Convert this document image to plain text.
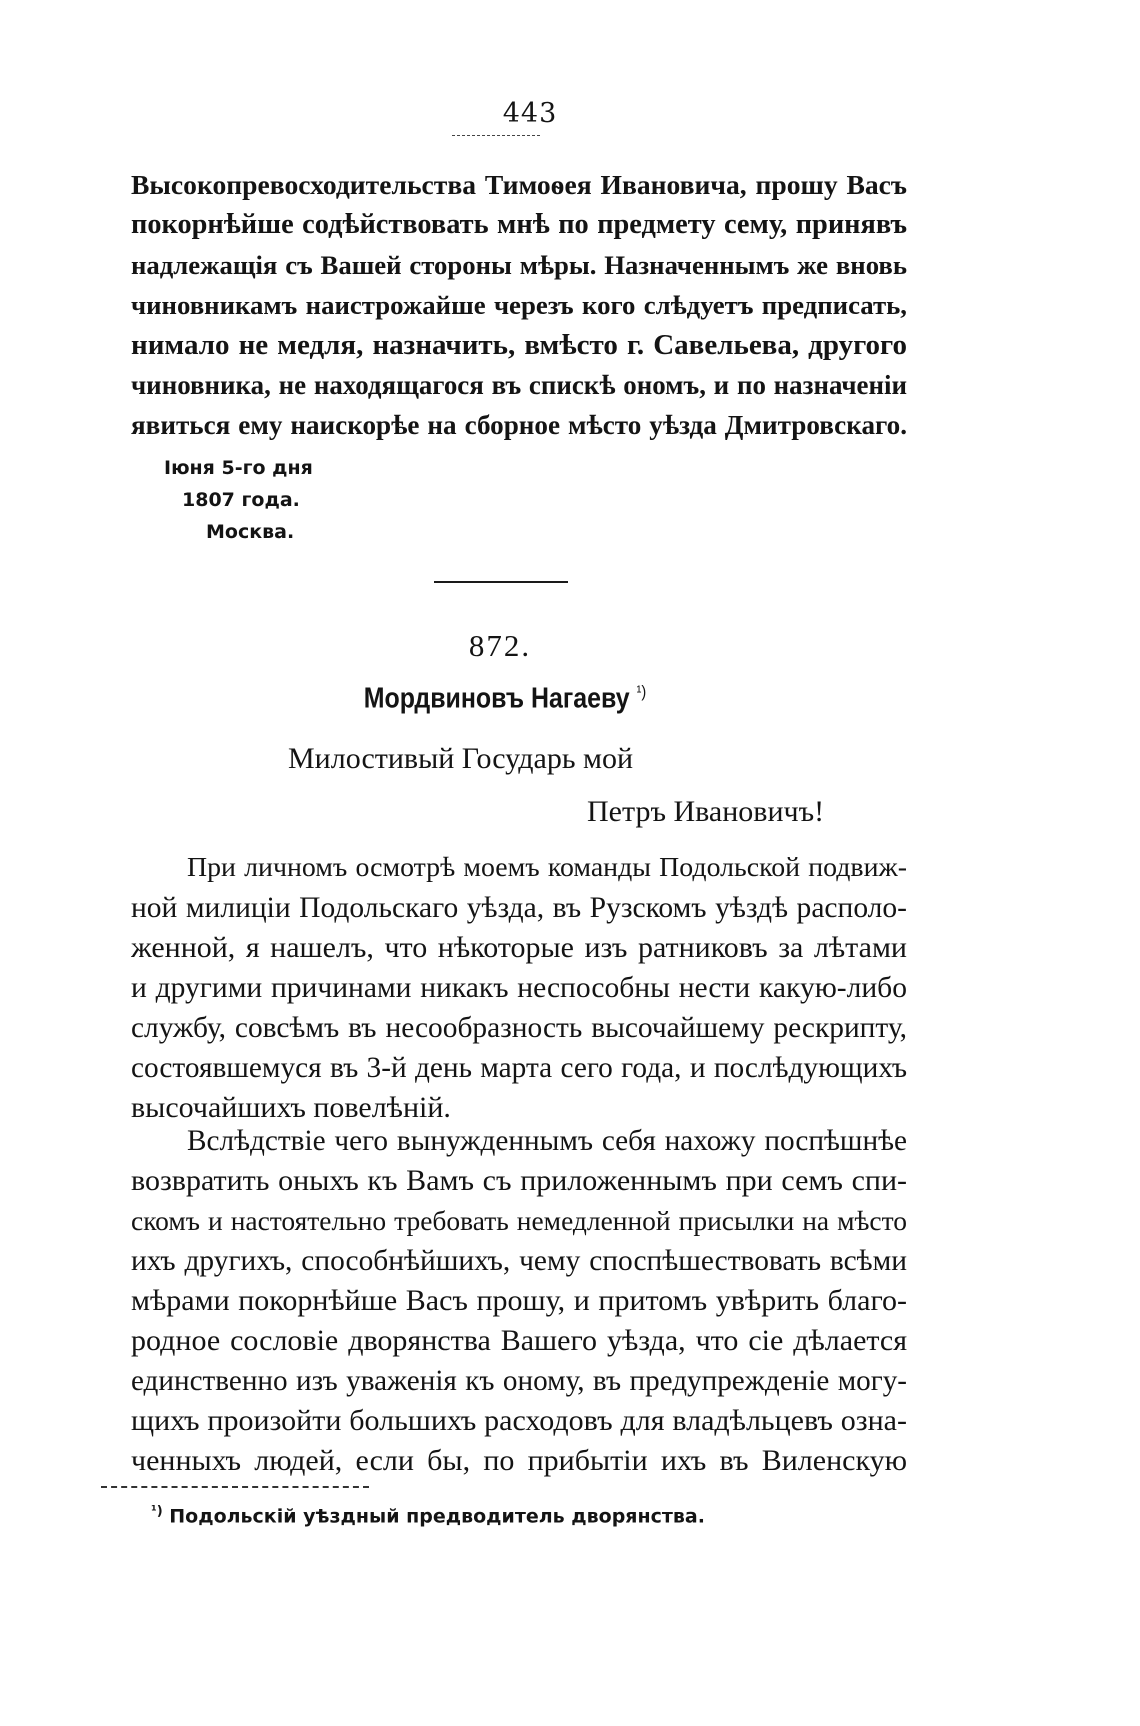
443
Высокопревосходительства Тимоѳея Ивановича, прошу Васъ
покорнѣйше содѣйствовать мнѣ по предмету сему, принявъ
надлежащія съ Вашей стороны мѣры. Назначеннымъ же вновь
чиновникамъ наистрожайше черезъ кого слѣдуетъ предписать,
нимало не медля, назначить, вмѣсто г. Савельева, другого
чиновника, не находящагося въ спискѣ ономъ, и по назначеніи
явиться ему наискорѣе на сборное мѣсто уѣзда Дмитровскаго.
Іюня 5-го дня
1807 года.
Москва.
872.
Мордвиновъ Нагаеву $^{^1)}$
Милостивый Государь мой
Петръ Ивановичъ!
При личномъ осмотрѣ моемъ команды Подольской подвиж-
ной милиціи Подольскаго уѣзда, въ Рузскомъ уѣздѣ располо-
женной, я нашелъ, что нѣкоторые изъ ратниковъ за лѣтами
и другими причинами никакъ неспособны нести какую-либо
службу, совсѣмъ въ несообразность высочайшему рескрипту,
состоявшемуся въ 3-й день марта сего года, и послѣдующихъ
высочайшихъ повелѣній.
Вслѣдствіе чего вынужденнымъ себя нахожу поспѣшнѣе
возвратить оныхъ къ Вамъ съ приложеннымъ при семъ спи-
скомъ и настоятельно требовать немедленной присылки на мѣсто
ихъ другихъ, способнѣйшихъ, чему споспѣшествовать всѣми
мѣрами покорнѣйше Васъ прошу, и притомъ увѣрить благо-
родное сословіе дворянства Вашего уѣзда, что сіе дѣлается
единственно изъ уваженія къ оному, въ предупрежденіе могу-
щихъ произойти большихъ расходовъ для владѣльцевъ озна-
ченныхъ людей, если бы, по прибытіи ихъ въ Виленскую
$^{^1)}$ Подольскій уѣздный предводитель дворянства.
